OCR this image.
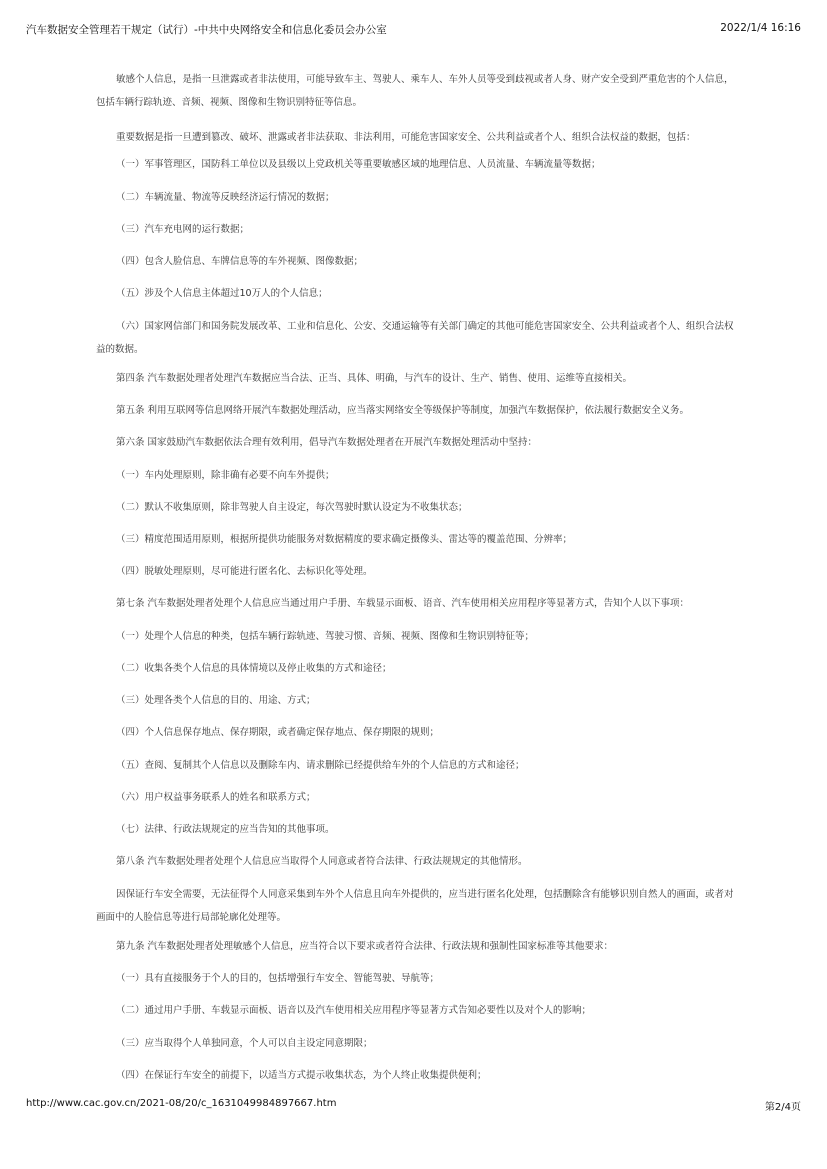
汽车数据安全管理若干规定（试行）-中共中央网络安全和信息化委员会办公室	2022/1/4 16:16

敏感个人信息，是指一旦泄露或者非法使用，可能导致车主、驾驶人、乘车人、车外人员等受到歧视或者人身、财产安全受到严重危害的个人信息，包括车辆行踪轨迹、音频、视频、图像和生物识别特征等信息。

重要数据是指一旦遭到篡改、破坏、泄露或者非法获取、非法利用，可能危害国家安全、公共利益或者个人、组织合法权益的数据，包括：

（一）军事管理区，国防科工单位以及县级以上党政机关等重要敏感区域的地理信息、人员流量、车辆流量等数据；

（二）车辆流量、物流等反映经济运行情况的数据；

（三）汽车充电网的运行数据；

（四）包含人脸信息、车牌信息等的车外视频、图像数据；

（五）涉及个人信息主体超过10万人的个人信息；

（六）国家网信部门和国务院发展改革、工业和信息化、公安、交通运输等有关部门确定的其他可能危害国家安全、公共利益或者个人、组织合法权益的数据。

第四条 汽车数据处理者处理汽车数据应当合法、正当、具体、明确，与汽车的设计、生产、销售、使用、运维等直接相关。

第五条 利用互联网等信息网络开展汽车数据处理活动，应当落实网络安全等级保护等制度，加强汽车数据保护，依法履行数据安全义务。

第六条 国家鼓励汽车数据依法合理有效利用，倡导汽车数据处理者在开展汽车数据处理活动中坚持：

（一）车内处理原则，除非确有必要不向车外提供；

（二）默认不收集原则，除非驾驶人自主设定，每次驾驶时默认设定为不收集状态；

（三）精度范围适用原则，根据所提供功能服务对数据精度的要求确定摄像头、雷达等的覆盖范围、分辨率；

（四）脱敏处理原则，尽可能进行匿名化、去标识化等处理。

第七条 汽车数据处理者处理个人信息应当通过用户手册、车载显示面板、语音、汽车使用相关应用程序等显著方式，告知个人以下事项：

（一）处理个人信息的种类，包括车辆行踪轨迹、驾驶习惯、音频、视频、图像和生物识别特征等；

（二）收集各类个人信息的具体情境以及停止收集的方式和途径；

（三）处理各类个人信息的目的、用途、方式；

（四）个人信息保存地点、保存期限，或者确定保存地点、保存期限的规则；

（五）查阅、复制其个人信息以及删除车内、请求删除已经提供给车外的个人信息的方式和途径；

（六）用户权益事务联系人的姓名和联系方式；

（七）法律、行政法规规定的应当告知的其他事项。

第八条 汽车数据处理者处理个人信息应当取得个人同意或者符合法律、行政法规规定的其他情形。

因保证行车安全需要，无法征得个人同意采集到车外个人信息且向车外提供的，应当进行匿名化处理，包括删除含有能够识别自然人的画面，或者对画面中的人脸信息等进行局部轮廓化处理等。

第九条 汽车数据处理者处理敏感个人信息，应当符合以下要求或者符合法律、行政法规和强制性国家标准等其他要求：

（一）具有直接服务于个人的目的，包括增强行车安全、智能驾驶、导航等；

（二）通过用户手册、车载显示面板、语音以及汽车使用相关应用程序等显著方式告知必要性以及对个人的影响；

（三）应当取得个人单独同意，个人可以自主设定同意期限；

（四）在保证行车安全的前提下，以适当方式提示收集状态，为个人终止收集提供便利；

http://www.cac.gov.cn/2021-08/20/c_1631049984897667.htm	第2/4页
